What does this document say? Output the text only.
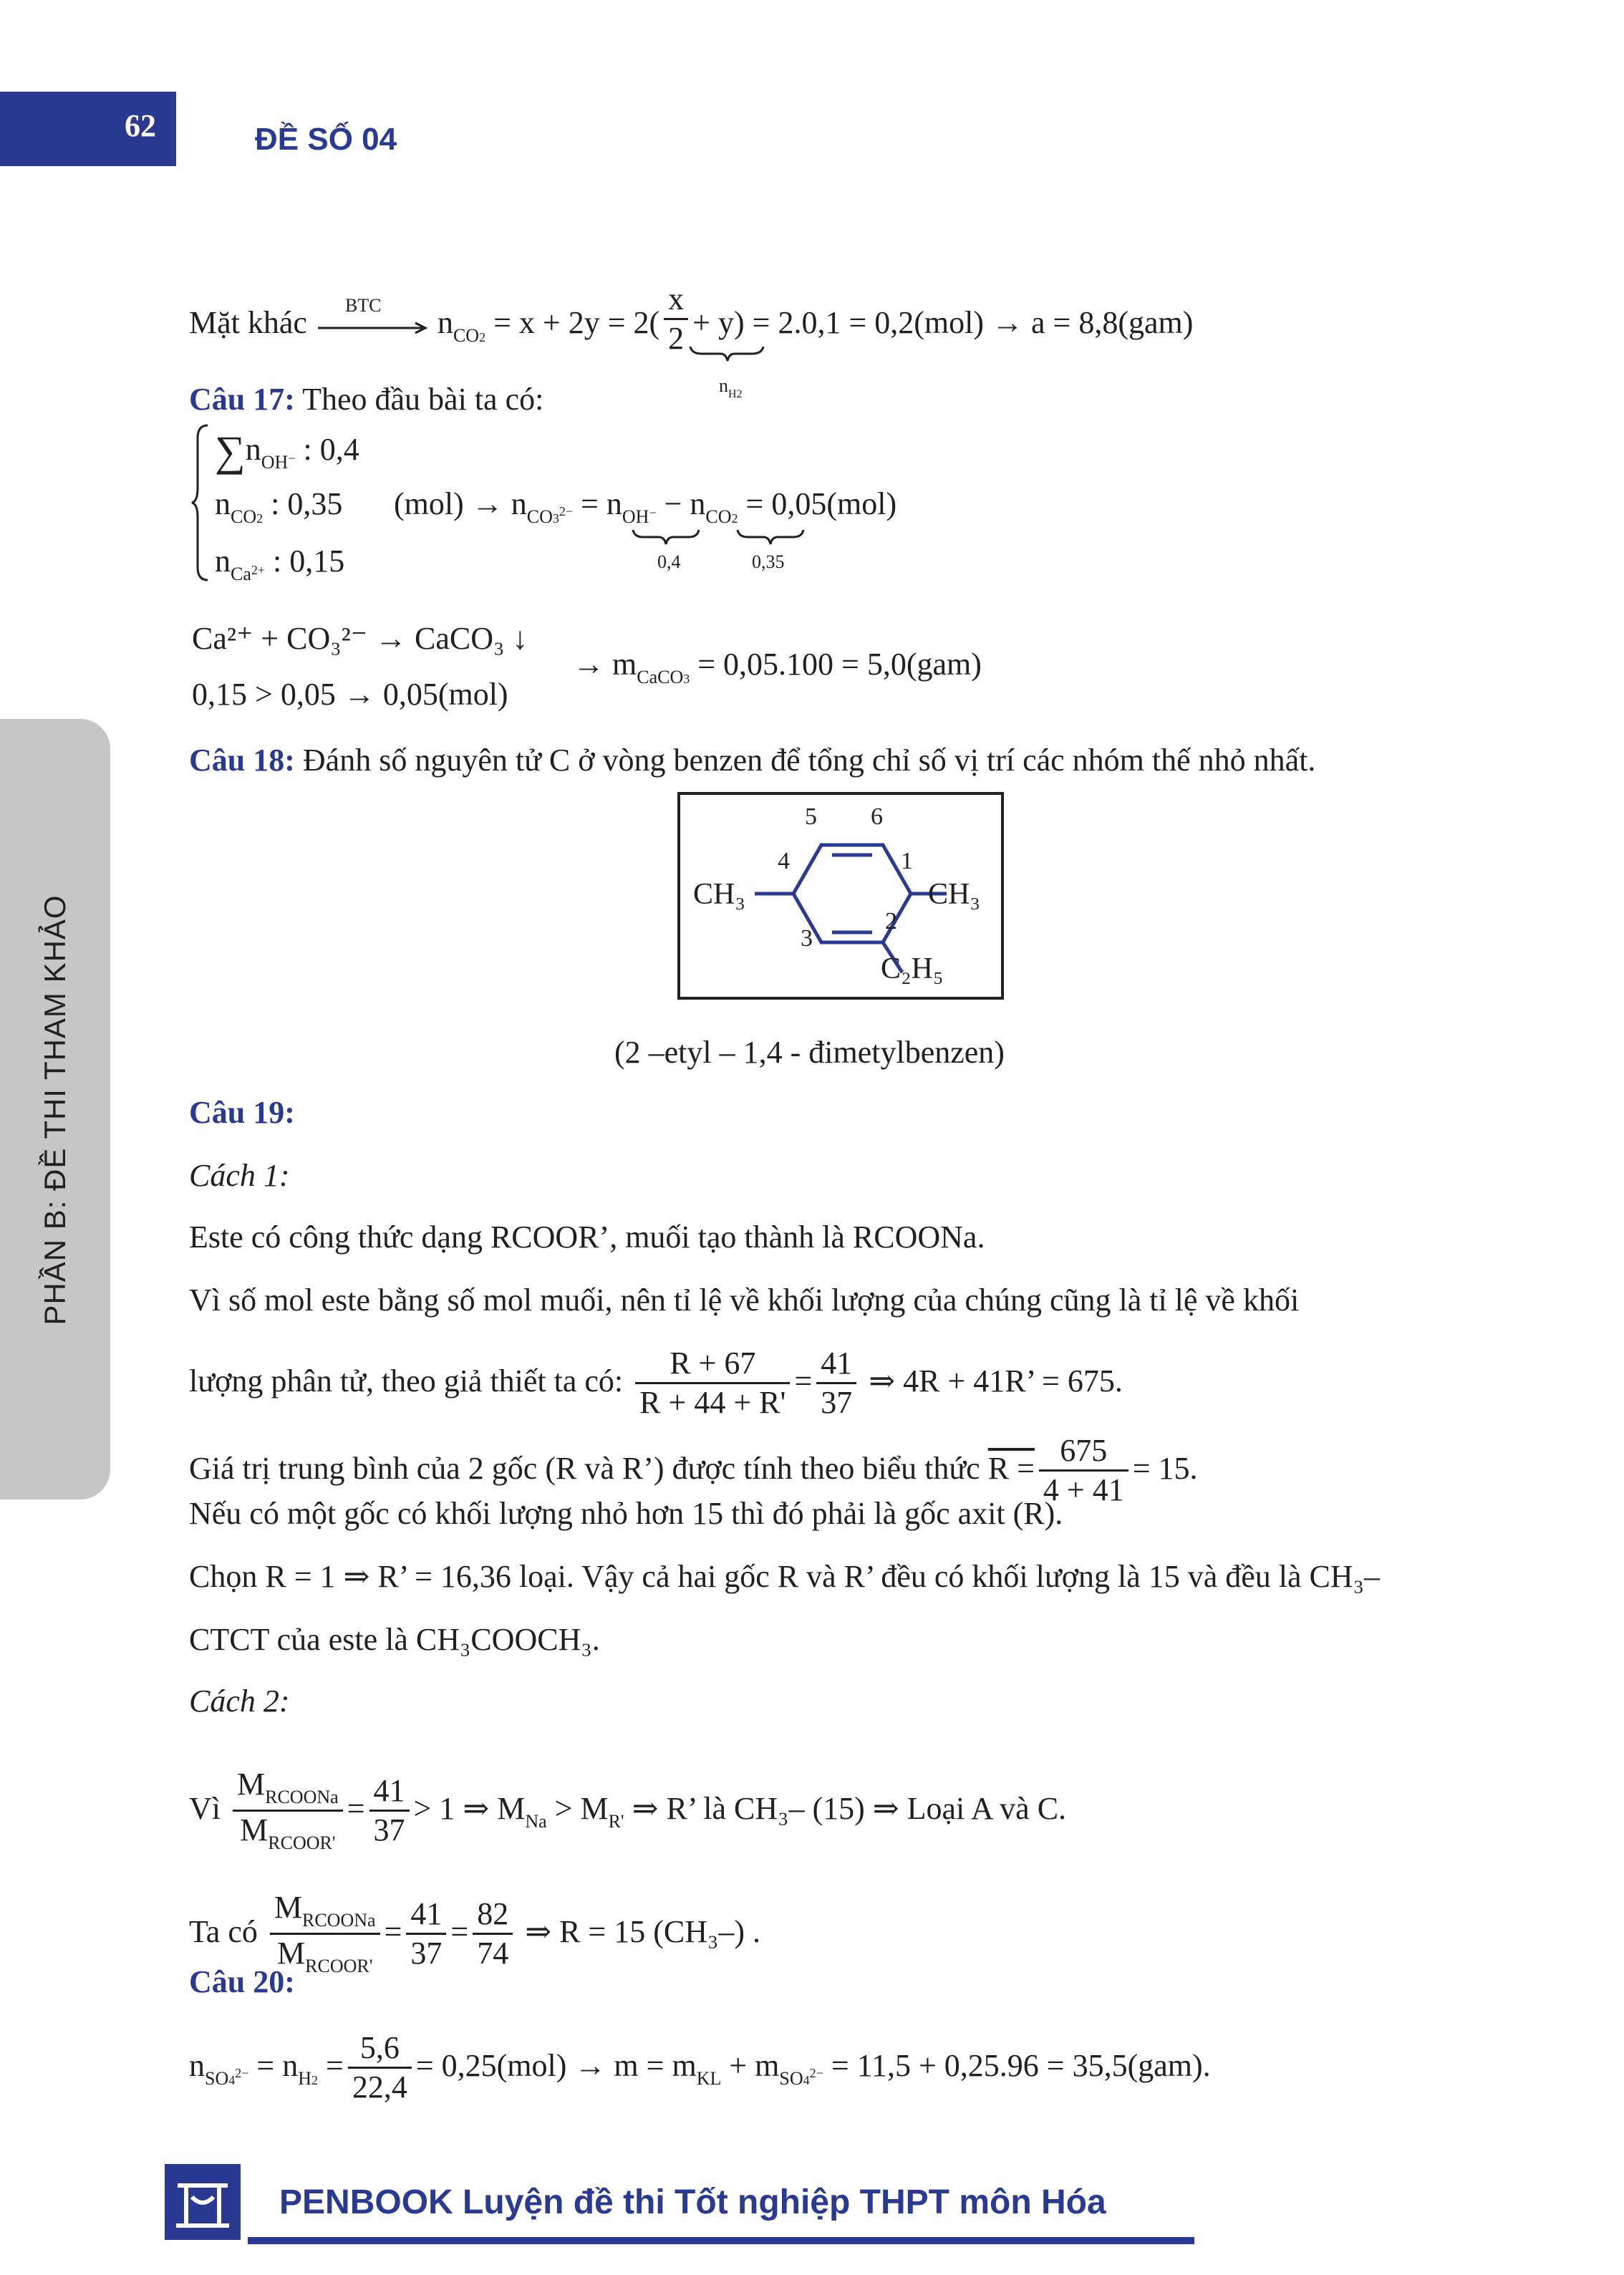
62	ĐỀ SỐ 04
PHẦN B: ĐỀ THI THAM KHẢO
Mặt khác BTC $n_{CO2} = x + 2y = 2( \frac{x}{2} + y) = 2.0,1 = 0,2(mol) \to a = 8,8(gam)$
$n_{H2}$
Câu 17: Theo đầu bài ta có:
$\sum n_{OH^-}$ : 0,4
$n_{CO2}$ : 0,35
$n_{Ca^{2+}}$ : 0,15
$(mol) \to n_{CO3^{2-}} = n_{OH^-} - n_{CO2} = 0,05(mol)$
0,4	0,35
Ca²⁺ + CO₃²⁻ → CaCO₃ ↓
0,15 > 0,05 → 0,05(mol)
→ $m_{CaCO3} = 0,05.100 = 5,0(gam)$
Câu 18: Đánh số nguyên tử C ở vòng benzen để tổng chỉ số vị trí các nhóm thế nhỏ nhất.
5 6
4	1
2
3
CH₃	CH₃
C₂H₅
(2 –etyl – 1,4 - đimetylbenzen)
Câu 19:
Cách 1:
Este có công thức dạng RCOOR’, muối tạo thành là RCOONa.
Vì số mol este bằng số mol muối, nên tỉ lệ về khối lượng của chúng cũng là tỉ lệ về khối
lượng phân tử, theo giả thiết ta có: $\frac{R + 67}{R + 44 + R'} = \frac{41}{37}$ ⇒ 4R + 41R’ = 675.
Giá trị trung bình của 2 gốc (R và R’) được tính theo biểu thức $R = \frac{675}{4 + 41} = 15$.
Nếu có một gốc có khối lượng nhỏ hơn 15 thì đó phải là gốc axit (R).
Chọn R = 1 ⇒ R’ = 16,36 loại. Vậy cả hai gốc R và R’ đều có khối lượng là 15 và đều là CH₃–
CTCT của este là CH₃COOCH₃.
Cách 2:
Vì $\frac{M_{RCOONa}}{M_{RCOOR'}} = \frac{41}{37} > 1$ ⇒ $M_{Na} > M_{R'}$ ⇒ R’ là CH₃– (15) ⇒ Loại A và C.
Ta có $\frac{M_{RCOONa}}{M_{RCOOR'}} = \frac{41}{37} = \frac{82}{74}$ ⇒ R = 15 (CH₃–) .
Câu 20:
$n_{SO4^{2-}} = n_{H2} = \frac{5,6}{22,4} = 0,25(mol) \to m = m_{KL} + m_{SO4^{2-}} = 11,5 + 0,25.96 = 35,5(gam)$.
PENBOOK Luyện đề thi Tốt nghiệp THPT môn Hóa
